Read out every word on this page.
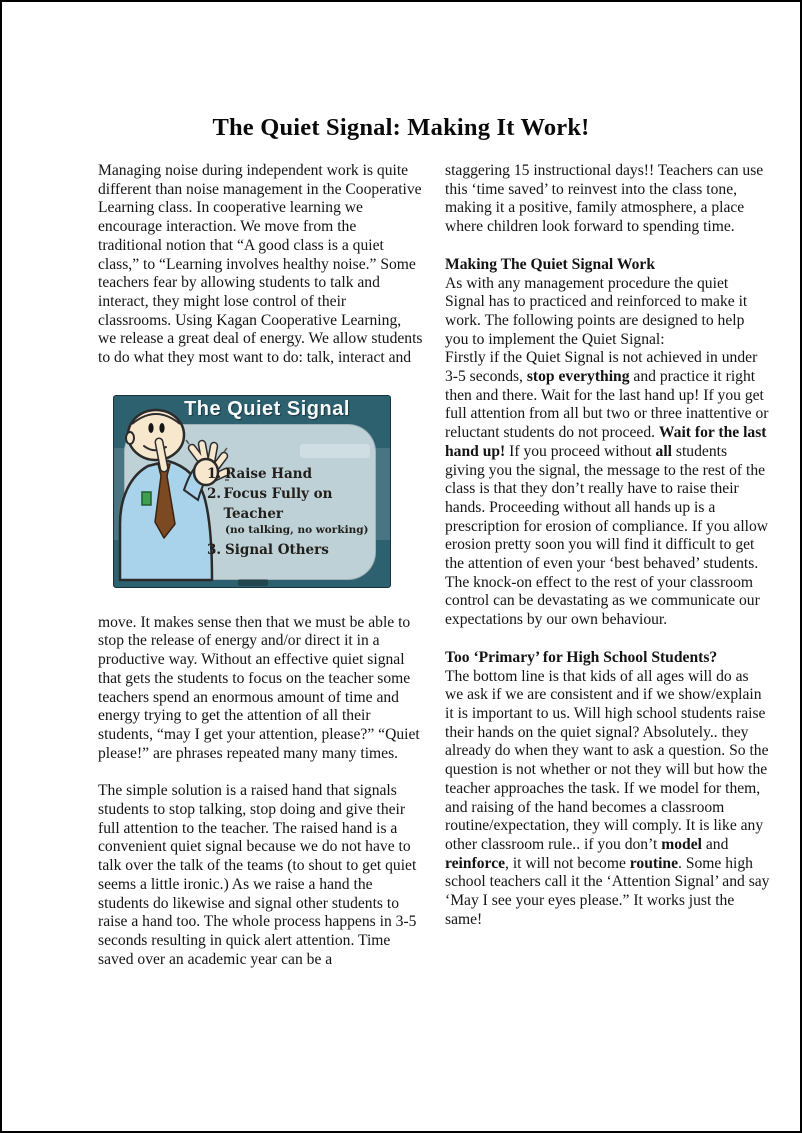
The Quiet Signal: Making It Work!

Managing noise during independent work is quite different than noise management in the Cooperative Learning class. In cooperative learning we encourage interaction. We move from the traditional notion that “A good class is a quiet class,” to “Learning involves healthy noise.” Some teachers fear by allowing students to talk and interact, they might lose control of their classrooms. Using Kagan Cooperative Learning, we release a great deal of energy. We allow students to do what they most want to do: talk, interact and

The Quiet Signal
1. Raise Hand
2. Focus Fully on Teacher
(no talking, no working)
3. Signal Others

move. It makes sense then that we must be able to stop the release of energy and/or direct it in a productive way. Without an effective quiet signal that gets the students to focus on the teacher some teachers spend an enormous amount of time and energy trying to get the attention of all their students, “may I get your attention, please?” “Quiet please!” are phrases repeated many many times.

The simple solution is a raised hand that signals students to stop talking, stop doing and give their full attention to the teacher. The raised hand is a convenient quiet signal because we do not have to talk over the talk of the teams (to shout to get quiet seems a little ironic.) As we raise a hand the students do likewise and signal other students to raise a hand too. The whole process happens in 3-5 seconds resulting in quick alert attention. Time saved over an academic year can be a

staggering 15 instructional days!! Teachers can use this ‘time saved’ to reinvest into the class tone, making it a positive, family atmosphere, a place where children look forward to spending time.

Making The Quiet Signal Work

As with any management procedure the quiet Signal has to practiced and reinforced to make it work. The following points are designed to help you to implement the Quiet Signal:

Firstly if the Quiet Signal is not achieved in under 3-5 seconds, stop everything and practice it right then and there. Wait for the last hand up! If you get full attention from all but two or three inattentive or reluctant students do not proceed. Wait for the last hand up! If you proceed without all students giving you the signal, the message to the rest of the class is that they don’t really have to raise their hands. Proceeding without all hands up is a prescription for erosion of compliance. If you allow erosion pretty soon you will find it difficult to get the attention of even your ‘best behaved’ students. The knock-on effect to the rest of your classroom control can be devastating as we communicate our expectations by our own behaviour.

Too ‘Primary’ for High School Students?

The bottom line is that kids of all ages will do as we ask if we are consistent and if we show/explain it is important to us. Will high school students raise their hands on the quiet signal? Absolutely.. they already do when they want to ask a question. So the question is not whether or not they will but how the teacher approaches the task. If we model for them, and raising of the hand becomes a classroom routine/expectation, they will comply. It is like any other classroom rule.. if you don’t model and reinforce, it will not become routine. Some high school teachers call it the ‘Attention Signal’ and say ‘May I see your eyes please.” It works just the same!
